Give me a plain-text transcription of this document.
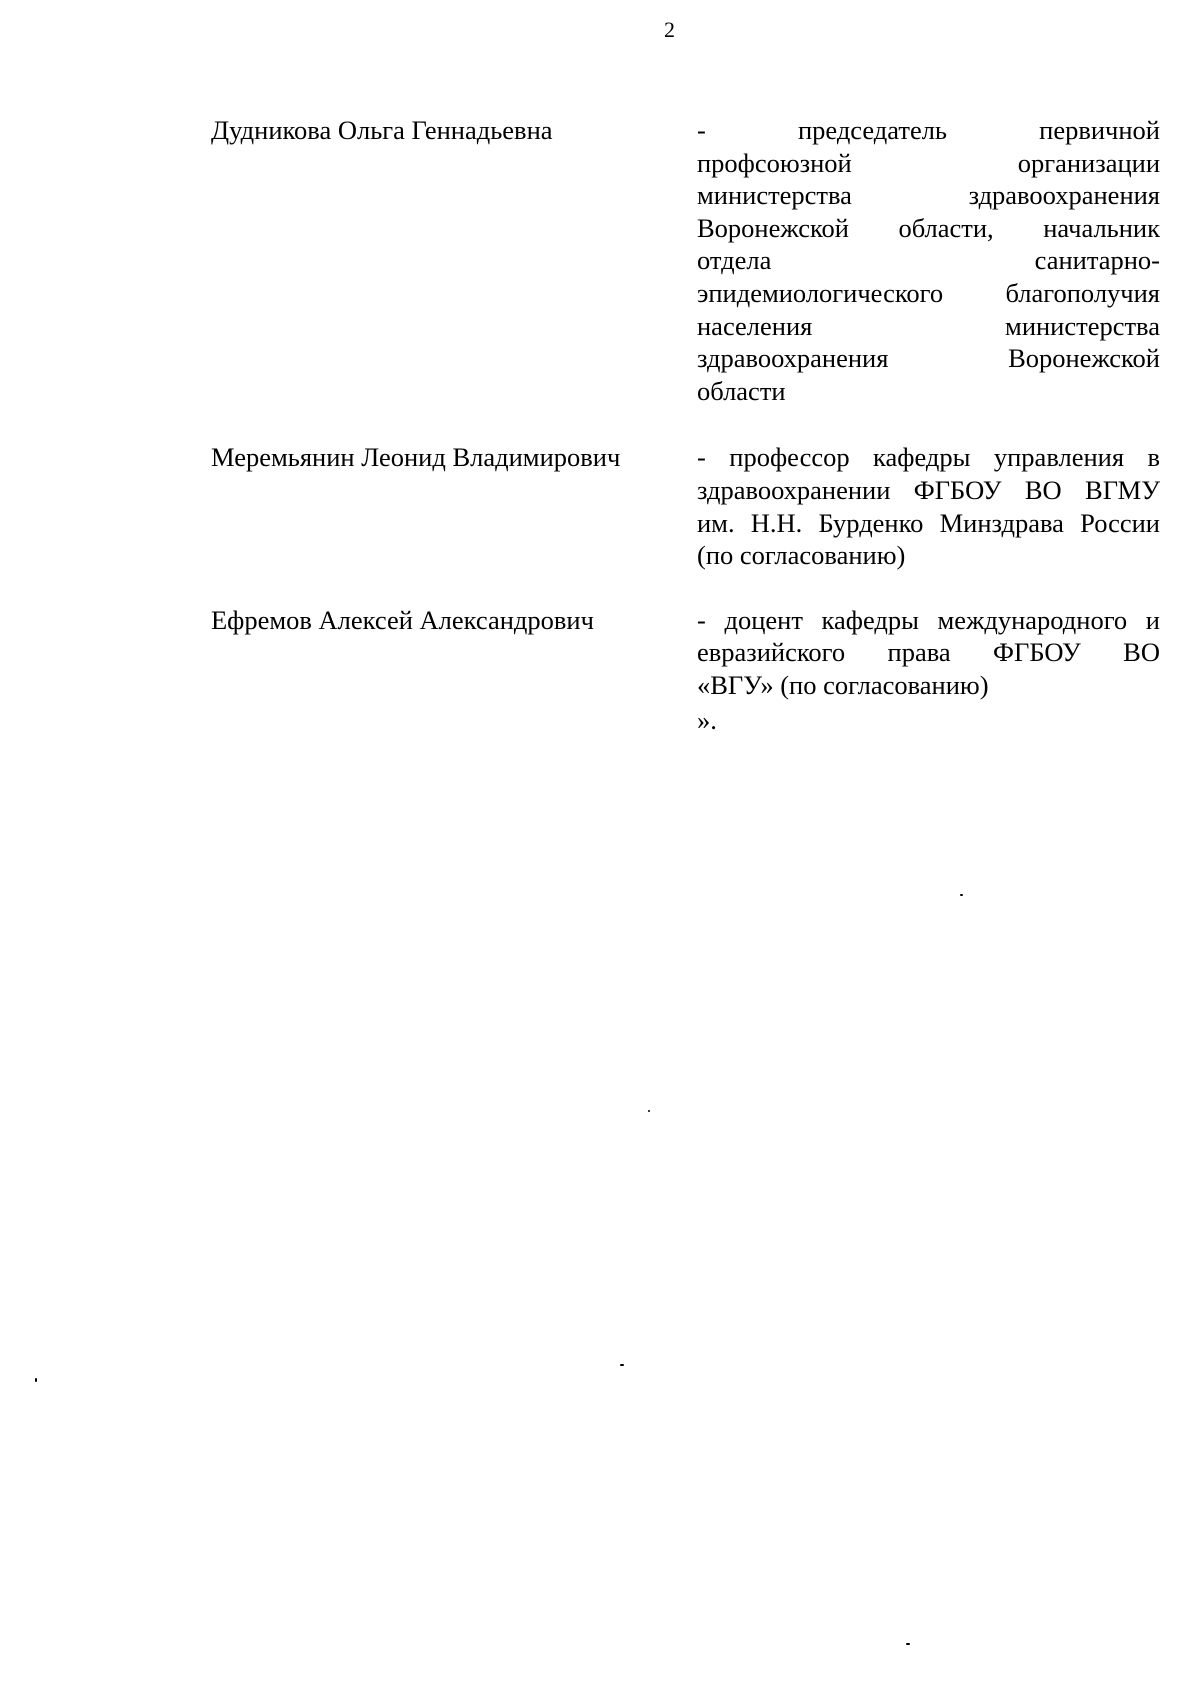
2
Дудникова Ольга Геннадьевна	- председатель первичной
профсоюзной организации
министерства здравоохранения
Воронежской области, начальник
отдела санитарно-
эпидемиологического благополучия
населения министерства
здравоохранения Воронежской
области
Меремьянин Леонид Владимирович	- профессор кафедры управления в
здравоохранении ФГБОУ ВО ВГМУ
им. Н.Н. Бурденко Минздрава России
(по согласованию)
Ефремов Алексей Александрович	- доцент кафедры международного и
евразийского права ФГБОУ ВО
«ВГУ» (по согласованию)
».
